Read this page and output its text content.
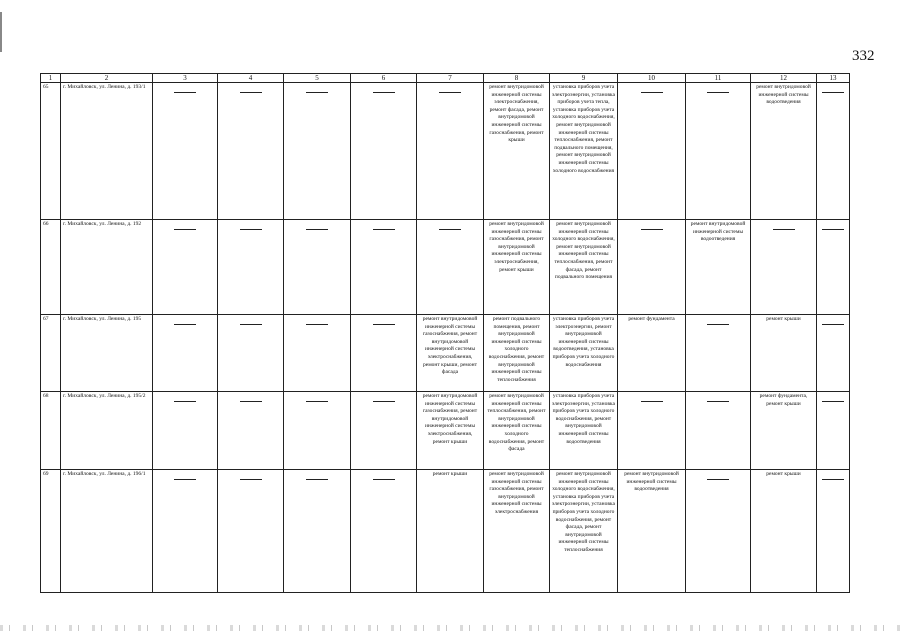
332
1	2	3	4	5	6	7	8	9	10	11	12	13
65	г. Михайловск, ул. Ленина, д. 193/1						ремонт внутридомовой инженерной системы электроснабжения, ремонт фасада, ремонт внутридомовой инженерной системы газоснабжения, ремонт крыши	установка приборов учета электроэнергии, установка приборов учета тепла, установка приборов учета холодного водоснабжения, ремонт внутридомовой инженерной системы теплоснабжения, ремонт подвального помещения, ремонт внутридомовой инженерной системы холодного водоснабжения			ремонт внутридомовой инженерной системы водоотведения	

66	г. Михайловск, ул. Ленина, д. 192						ремонт внутридомовой инженерной системы газоснабжения, ремонт внутридомовой инженерной системы электроснабжения, ремонт крыши	ремонт внутридомовой инженерной системы холодного водоснабжения, ремонт внутридомовой инженерной системы теплоснабжения, ремонт фасада, ремонт подвального помещения		ремонт внутридомовой инженерной системы водоотведения		

67	г. Михайловск, ул. Ленина, д. 195					ремонт внутридомовой инженерной системы газоснабжения, ремонт внутридомовой инженерной системы электроснабжения, ремонт крыши, ремонт фасада	ремонт подвального помещения, ремонт внутридомовой инженерной системы холодного водоснабжения, ремонт внутридомовой инженерной системы теплоснабжения	установка приборов учета электроэнергии, ремонт внутридомовой инженерной системы водоотведения, установка приборов учета холодного водоснабжения	ремонт фундамента		ремонт крыши	

68	г. Михайловск, ул. Ленина, д. 195/2					ремонт внутридомовой инженерной системы газоснабжения, ремонт внутридомовой инженерной системы электроснабжения, ремонт крыши	ремонт внутридомовой инженерной системы теплоснабжения, ремонт внутридомовой инженерной системы холодного водоснабжения, ремонт фасада	установка приборов учета электроэнергии, установка приборов учета холодного водоснабжения, ремонт внутридомовой инженерной системы водоотведения			ремонт фундамента, ремонт крыши	

69	г. Михайловск, ул. Ленина, д. 196/1					ремонт крыши	ремонт внутридомовой инженерной системы газоснабжения, ремонт внутридомовой инженерной системы электроснабжения	ремонт внутридомовой инженерной системы холодного водоснабжения, установка приборов учета электроэнергии, установка приборов учета холодного водоснабжения, ремонт фасада, ремонт внутридомовой инженерной системы теплоснабжения	ремонт внутридомовой инженерной системы водоотведения		ремонт крыши	
